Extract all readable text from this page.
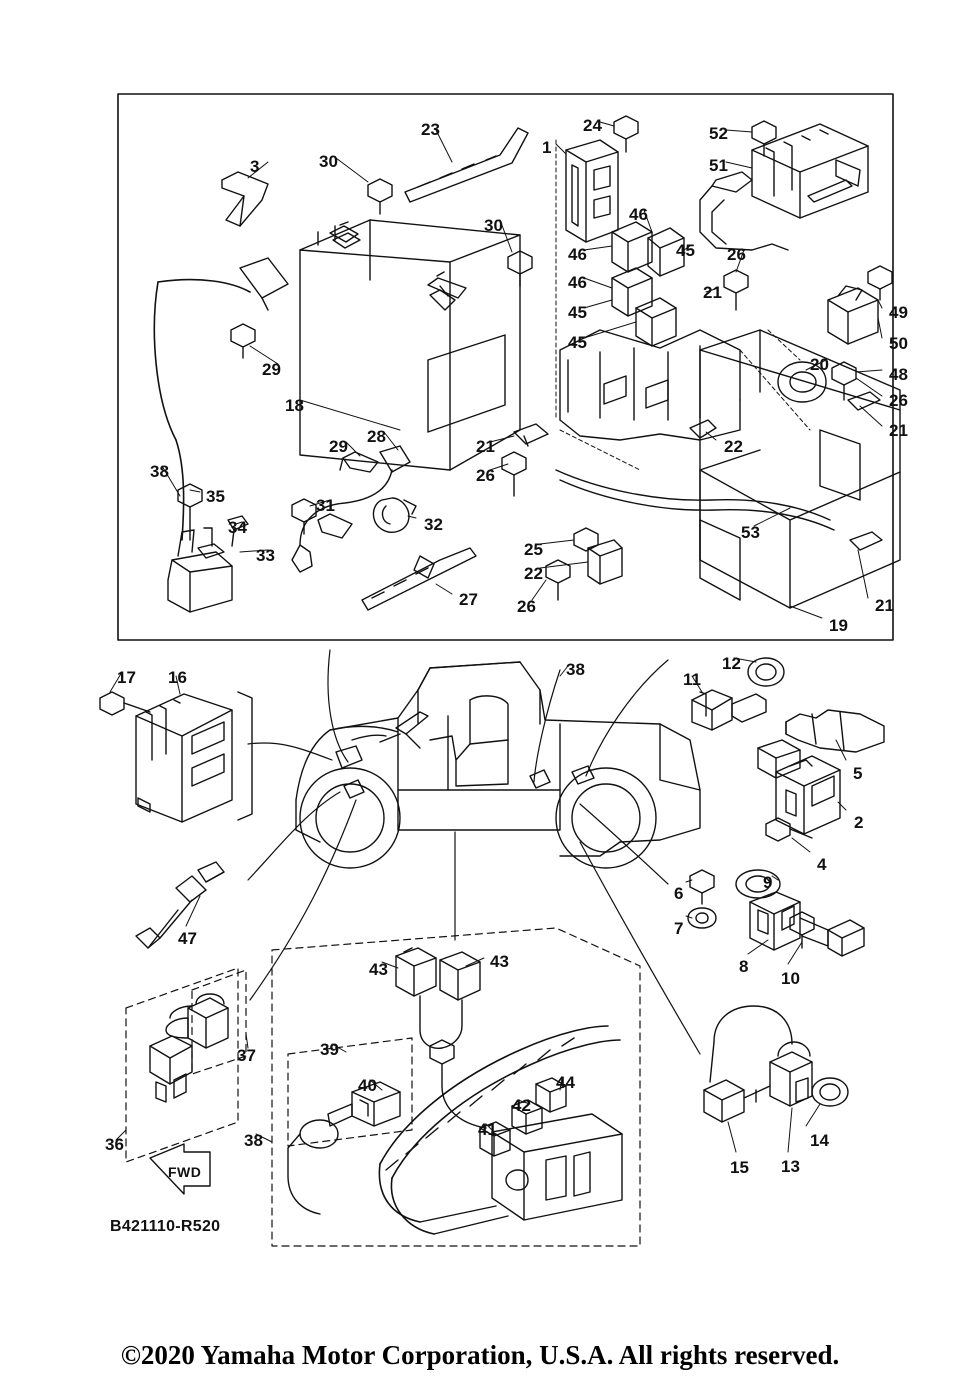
B421110-R520
FWD
©2020 Yamaha Motor Corporation, U.S.A. All rights reserved.
23	24	52
1
3	30	51
30
46
46	45 26
46
29
45
21
49
45	50
20
48
26
18
21
29
28
21	22
26
38
35	31
32
34	53
33	25
22
26
27	21
19
17 16	38
11
12
5
2
4
6
9
7
8
10
47
43	43
39
37
40	44
42
41
38
36	14
15 13
